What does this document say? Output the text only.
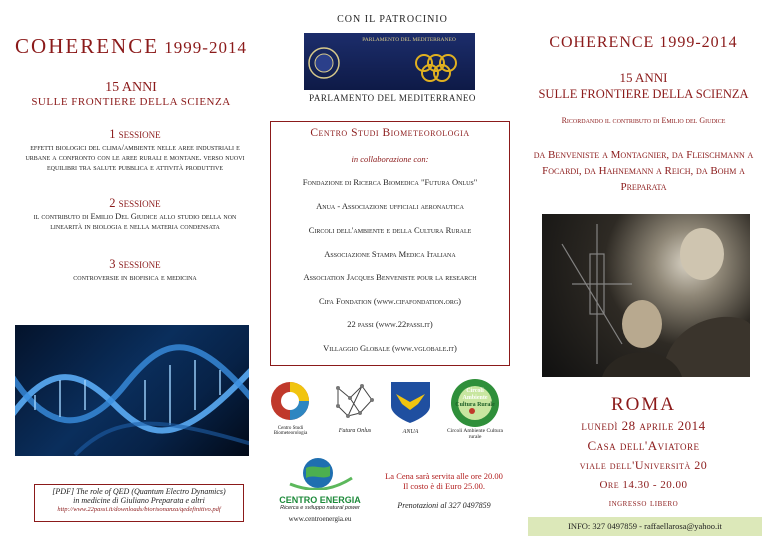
COHERENCE 1999-2014
15 ANNI
SULLE FRONTIERE DELLA SCIENZA
1 sessione
effetti biologici del clima/ambiente nelle aree industriali e urbane a confronto con le aree rurali e montane. verso nuovi equilibri tra salute pubblica e attività produttive
2 sessione
il contributo di Emilio Del Giudice allo studio della non linearità in biologia e nella materia condensata
3 sessione
controversie in biofisica e medicina
[PDF] The role of QED (Quantum Electro Dynamics)
in medicine di Giuliano Preparata e altri
http://www.22passi.it/downloads/biorisonanza/qedefinitivo.pdf
CON IL PATROCINIO
PARLAMENTO DEL MEDITERRANEO
PARLAMENTO DEL MEDITERRANEO
Centro Studi Biometeorologia
in collaborazione con:
Fondazione di Ricerca Biomedica "Futura Onlus"
Anua - Associazione ufficiali aeronautica
Circoli dell'ambiente e della Cultura Rurale
Associazione Stampa Medica Italiana
Association Jacques Benveniste pour la research
Cifa Fondation (www.cifafondation.org)
22 passi (www.22passi.it)
Villaggio Globale (www.vglobale.it)
Centro Studi Biometeorologia	Futura Onlus	ANUA
Circoli
Ambiente
Cultura Rurale
Circoli Ambiente Cultura rurale
CENTRO ENERGIA
Ricerca e sviluppo natural power
www.centroenergia.eu
La Cena sarà servita alle ore 20.00
Il costo è di Euro 25.00.
Prenotazioni al 327 0497859
COHERENCE 1999-2014
15 ANNI
SULLE FRONTIERE DELLA SCIENZA
Ricordando il contributo di Emilio del Giudice
da Benveniste a Montagnier, da Fleischmann a Focardi, da Hahnemann a Reich, da Bohm a Preparata
ROMA
lunedì 28 aprile 2014
Casa dell'Aviatore
viale dell'Università 20
Ore 14.30 - 20.00
ingresso libero
INFO: 327 0497859 - raffaellarosa@yahoo.it
